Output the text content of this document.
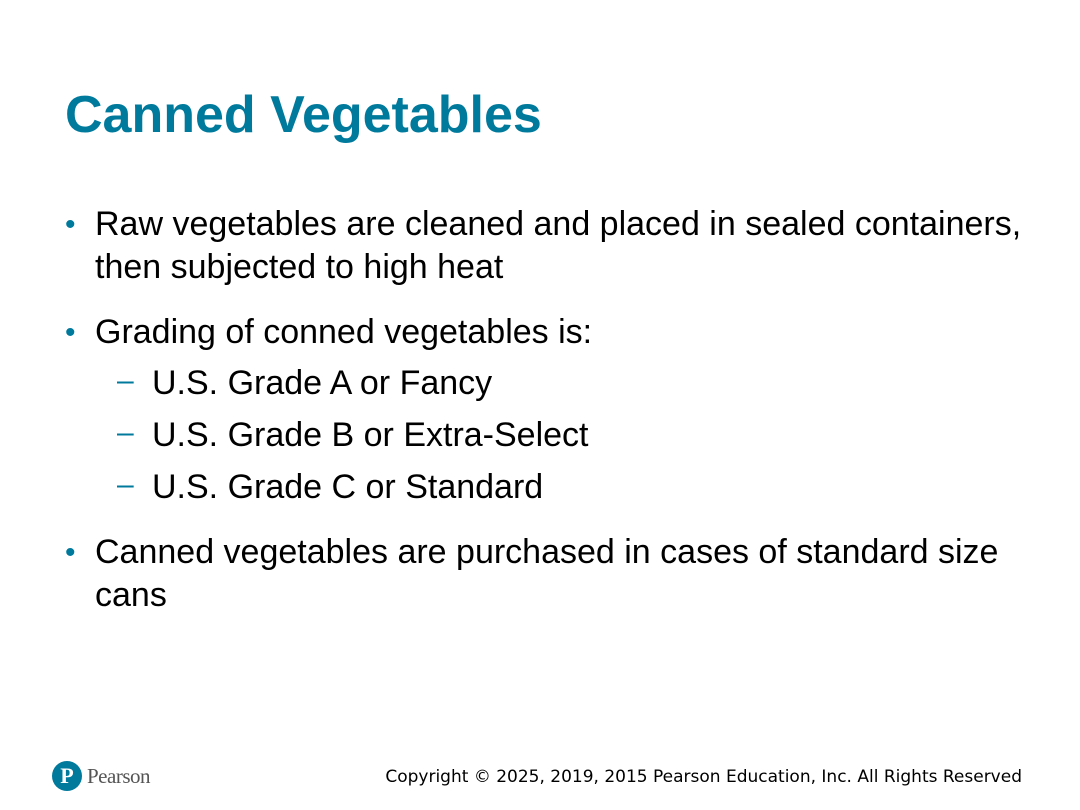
Canned Vegetables
• Raw vegetables are cleaned and placed in sealed containers, then subjected to high heat
• Grading of conned vegetables is:
– U.S. Grade A or Fancy
– U.S. Grade B or Extra-Select
– U.S. Grade C or Standard
• Canned vegetables are purchased in cases of standard size cans
P Pearson	Copyright © 2025, 2019, 2015 Pearson Education, Inc. All Rights Reserved
